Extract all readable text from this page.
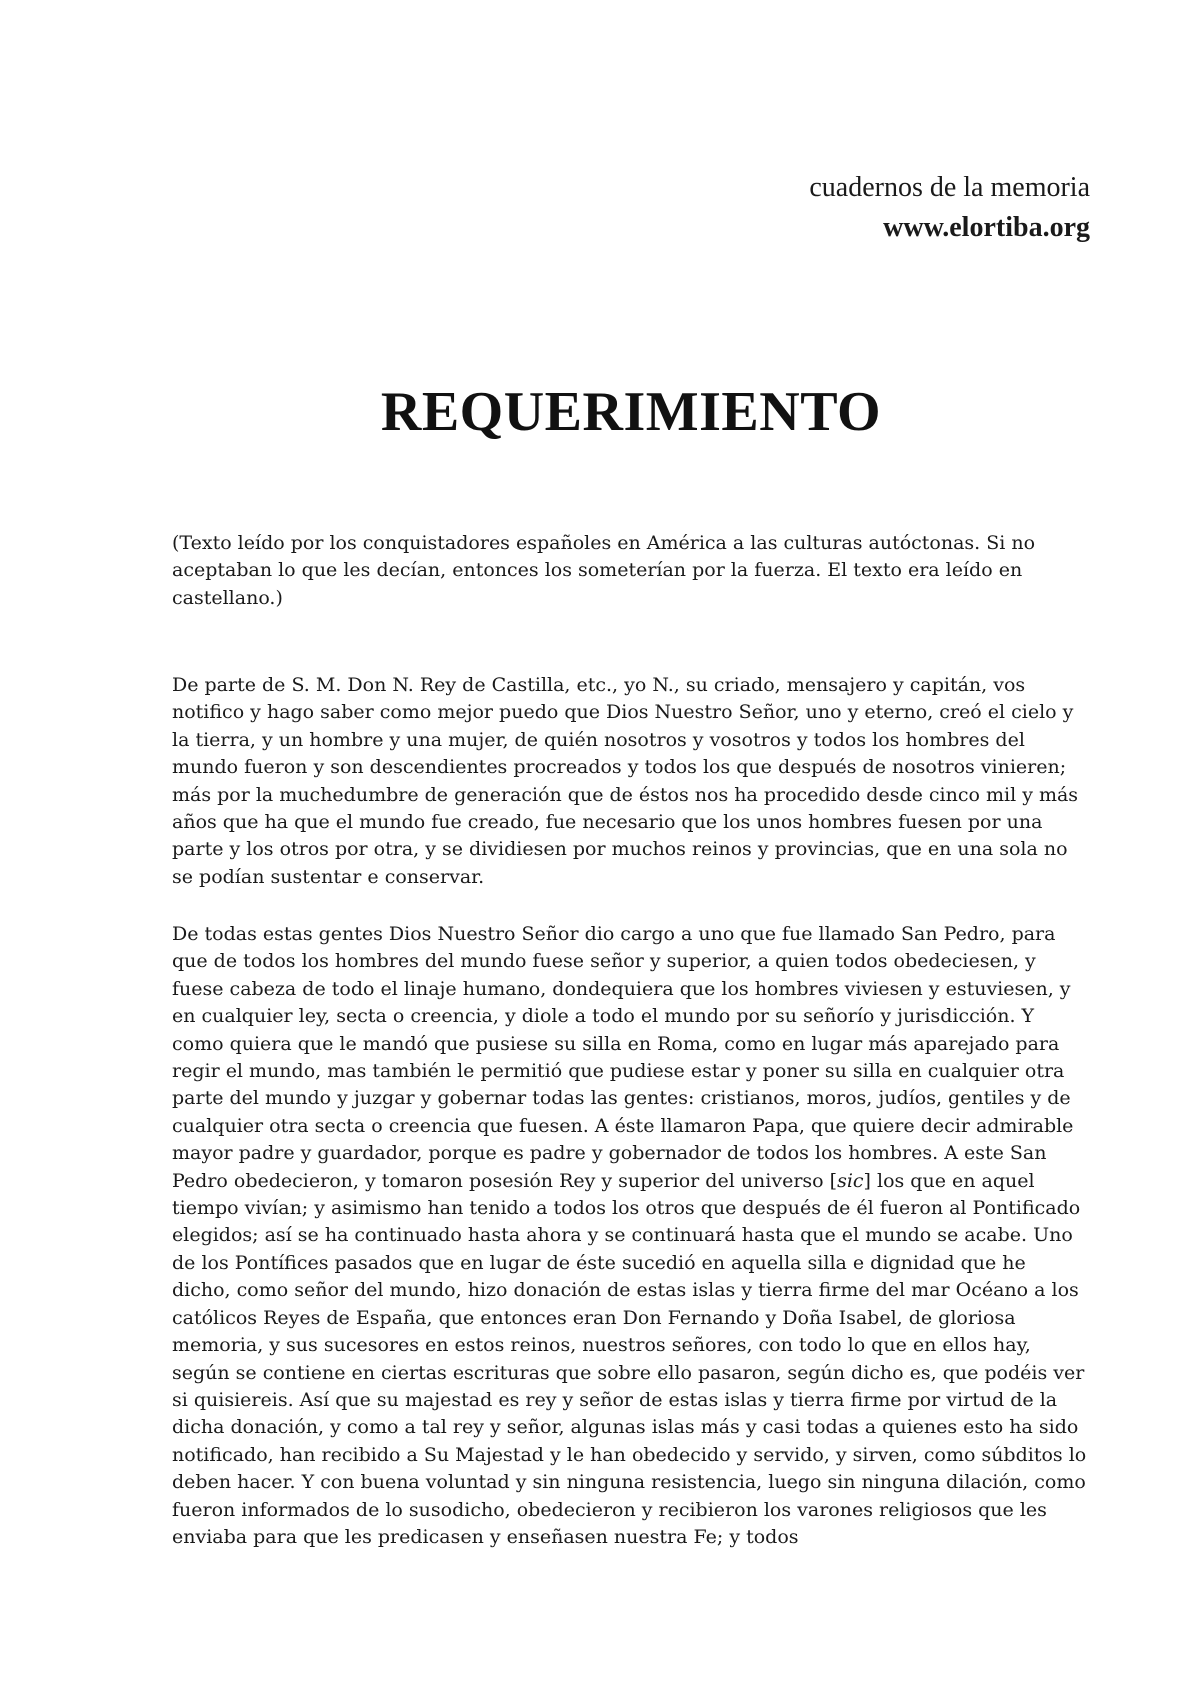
cuadernos de la memoria
www.elortiba.org
REQUERIMIENTO

(Texto leído por los conquistadores españoles en América a las culturas autóctonas. Si no aceptaban lo que les decían, entonces los someterían por la fuerza. El texto era leído en castellano.)

De parte de S. M. Don N. Rey de Castilla, etc., yo N., su criado, mensajero y capitán, vos notifico y hago saber como mejor puedo que Dios Nuestro Señor, uno y eterno, creó el cielo y la tierra, y un hombre y una mujer, de quién nosotros y vosotros y todos los hombres del mundo fueron y son descendientes procreados y todos los que después de nosotros vinieren; más por la muchedumbre de generación que de éstos nos ha procedido desde cinco mil y más años que ha que el mundo fue creado, fue necesario que los unos hombres fuesen por una parte y los otros por otra, y se dividiesen por muchos reinos y provincias, que en una sola no se podían sustentar e conservar.

De todas estas gentes Dios Nuestro Señor dio cargo a uno que fue llamado San Pedro, para que de todos los hombres del mundo fuese señor y superior, a quien todos obedeciesen, y fuese cabeza de todo el linaje humano, dondequiera que los hombres viviesen y estuviesen, y en cualquier ley, secta o creencia, y diole a todo el mundo por su señorío y jurisdicción. Y como quiera que le mandó que pusiese su silla en Roma, como en lugar más aparejado para regir el mundo, mas también le permitió que pudiese estar y poner su silla en cualquier otra parte del mundo y juzgar y gobernar todas las gentes: cristianos, moros, judíos, gentiles y de cualquier otra secta o creencia que fuesen. A éste llamaron Papa, que quiere decir admirable mayor padre y guardador, porque es padre y gobernador de todos los hombres. A este San Pedro obedecieron, y tomaron posesión Rey y superior del universo [sic] los que en aquel tiempo vivían; y asimismo han tenido a todos los otros que después de él fueron al Pontificado elegidos; así se ha continuado hasta ahora y se continuará hasta que el mundo se acabe. Uno de los Pontífices pasados que en lugar de éste sucedió en aquella silla e dignidad que he dicho, como señor del mundo, hizo donación de estas islas y tierra firme del mar Océano a los católicos Reyes de España, que entonces eran Don Fernando y Doña Isabel, de gloriosa memoria, y sus sucesores en estos reinos, nuestros señores, con todo lo que en ellos hay, según se contiene en ciertas escrituras que sobre ello pasaron, según dicho es, que podéis ver si quisiereis. Así que su majestad es rey y señor de estas islas y tierra firme por virtud de la dicha donación, y como a tal rey y señor, algunas islas más y casi todas a quienes esto ha sido notificado, han recibido a Su Majestad y le han obedecido y servido, y sirven, como súbditos lo deben hacer. Y con buena voluntad y sin ninguna resistencia, luego sin ninguna dilación, como fueron informados de lo susodicho, obedecieron y recibieron los varones religiosos que les enviaba para que les predicasen y enseñasen nuestra Fe; y todos
